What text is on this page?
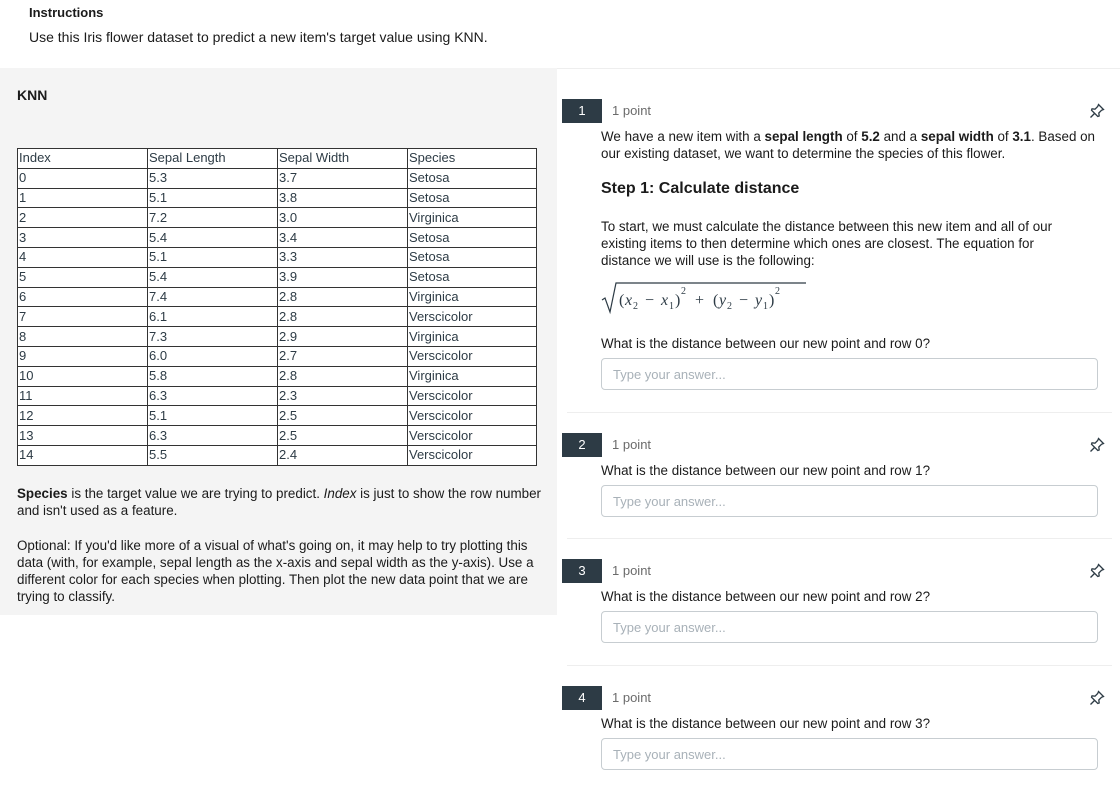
Instructions
Use this Iris flower dataset to predict a new item's target value using KNN.
KNN
Index	Sepal Length	Sepal Width	Species
0	5.3	3.7	Setosa
1	5.1	3.8	Setosa
2	7.2	3.0	Virginica
3	5.4	3.4	Setosa
4	5.1	3.3	Setosa
5	5.4	3.9	Setosa
6	7.4	2.8	Virginica
7	6.1	2.8	Verscicolor
8	7.3	2.9	Virginica
9	6.0	2.7	Verscicolor
10	5.8	2.8	Virginica
11	6.3	2.3	Verscicolor
12	5.1	2.5	Verscicolor
13	6.3	2.5	Verscicolor
14	5.5	2.4	Verscicolor
Species is the target value we are trying to predict. Index is just to show the row number and isn't used as a feature.
Optional: If you'd like more of a visual of what's going on, it may help to try plotting this data (with, for example, sepal length as the x-axis and sepal width as the y-axis). Use a different color for each species when plotting. Then plot the new data point that we are trying to classify.
1	1 point
We have a new item with a sepal length of 5.2 and a sepal width of 3.1. Based on our existing dataset, we want to determine the species of this flower.
Step 1: Calculate distance
To start, we must calculate the distance between this new item and all of our existing items to then determine which ones are closest. The equation for distance we will use is the following:
( x 2 − x 1 )
2
+ ( y 2 − y 1 )
2
What is the distance between our new point and row 0?
Type your answer...
2	1 point
What is the distance between our new point and row 1?
Type your answer...
3	1 point
What is the distance between our new point and row 2?
Type your answer...
4	1 point
What is the distance between our new point and row 3?
Type your answer...
